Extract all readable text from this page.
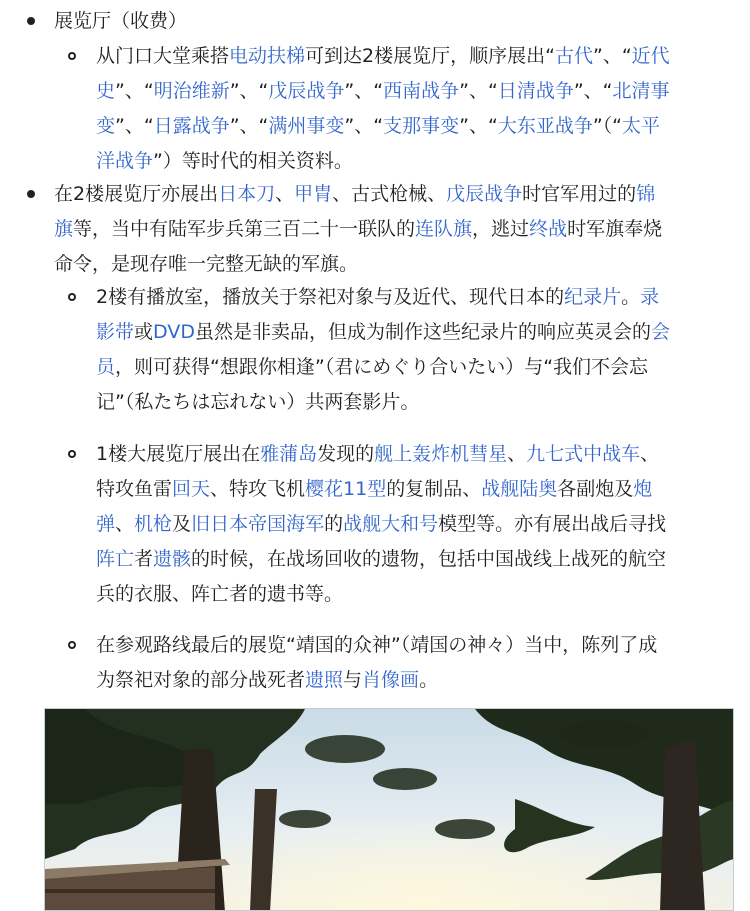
展览厅（收费）
从门口大堂乘搭电动扶梯可到达2楼展览厅，顺序展出“古代”、“近代
史”、“明治维新”、“戊辰战争”、“西南战争”、“日清战争”、“北清事
变”、“日露战争”、“满州事变”、“支那事变”、“大东亚战争”（“太平
洋战争”）等时代的相关资料。
在2楼展览厅亦展出日本刀、甲胄、古式枪械、戊辰战争时官军用过的锦
旗等，当中有陆军步兵第三百二十一联队的连队旗，逃过终战时军旗奉烧
命令，是现存唯一完整无缺的军旗。
2楼有播放室，播放关于祭祀对象与及近代、现代日本的纪录片。录
影带或DVD虽然是非卖品，但成为制作这些纪录片的响应英灵会的会
员，则可获得“想跟你相逢”（君にめぐり合いたい）与“我们不会忘
记”（私たちは忘れない）共两套影片。
1楼大展览厅展出在雅蒲岛发现的舰上轰炸机彗星、九七式中战车、
特攻鱼雷回天、特攻飞机樱花11型的复制品、战舰陆奥各副炮及炮
弹、机枪及旧日本帝国海军的战舰大和号模型等。亦有展出战后寻找
阵亡者遗骸的时候，在战场回收的遗物，包括中国战线上战死的航空
兵的衣服、阵亡者的遗书等。
在参观路线最后的展览“靖国的众神”（靖国の神々）当中，陈列了成
为祭祀对象的部分战死者遗照与肖像画。
